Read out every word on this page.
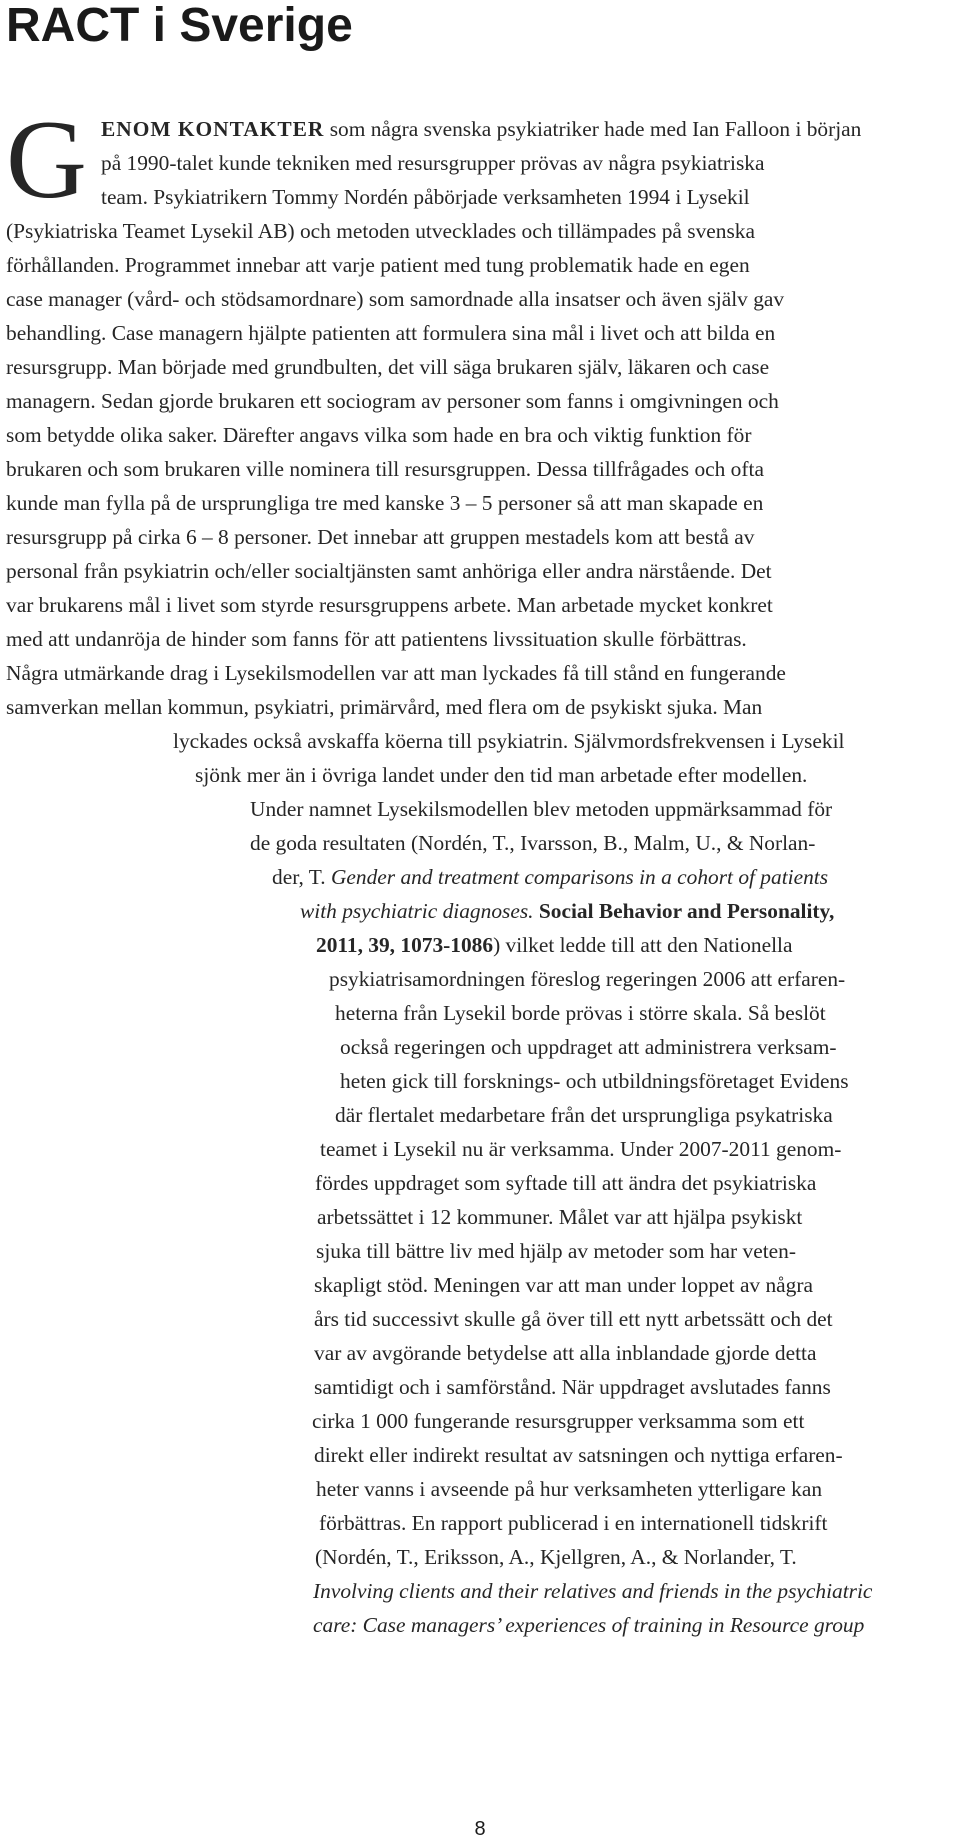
RACT i Sverige
G ENOM KONTAKTER som några svenska psykiatriker hade med Ian Falloon i början
på 1990-talet kunde tekniken med resursgrupper prövas av några psykiatriska
team. Psykiatrikern Tommy Nordén påbörjade verksamheten 1994 i Lysekil
(Psykiatriska Teamet Lysekil AB) och metoden utvecklades och tillämpades på svenska
förhållanden. Programmet innebar att varje patient med tung problematik hade en egen
case manager (vård- och stödsamordnare) som samordnade alla insatser och även själv gav
behandling. Case managern hjälpte patienten att formulera sina mål i livet och att bilda en
resursgrupp. Man började med grundbulten, det vill säga brukaren själv, läkaren och case
managern. Sedan gjorde brukaren ett sociogram av personer som fanns i omgivningen och
som betydde olika saker. Därefter angavs vilka som hade en bra och viktig funktion för
brukaren och som brukaren ville nominera till resursgruppen. Dessa tillfrågades och ofta
kunde man fylla på de ursprungliga tre med kanske 3 – 5 personer så att man skapade en
resursgrupp på cirka 6 – 8 personer. Det innebar att gruppen mestadels kom att bestå av
personal från psykiatrin och/eller socialtjänsten samt anhöriga eller andra närstående. Det
var brukarens mål i livet som styrde resursgruppens arbete. Man arbetade mycket konkret
med att undanröja de hinder som fanns för att patientens livssituation skulle förbättras.
Några utmärkande drag i Lysekilsmodellen var att man lyckades få till stånd en fungerande
samverkan mellan kommun, psykiatri, primärvård, med flera om de psykiskt sjuka. Man
lyckades också avskaffa köerna till psykiatrin. Självmordsfrekvensen i Lysekil
sjönk mer än i övriga landet under den tid man arbetade efter modellen.
Under namnet Lysekilsmodellen blev metoden uppmärksammad för
de goda resultaten (Nordén, T., Ivarsson, B., Malm, U., & Norlan-
der, T. Gender and treatment comparisons in a cohort of patients
with psychiatric diagnoses. Social Behavior and Personality,
2011, 39, 1073-1086) vilket ledde till att den Nationella
psykiatrisamordningen föreslog regeringen 2006 att erfaren-
heterna från Lysekil borde prövas i större skala. Så beslöt
också regeringen och uppdraget att administrera verksam-
heten gick till forsknings- och utbildningsföretaget Evidens
där flertalet medarbetare från det ursprungliga psykatriska
teamet i Lysekil nu är verksamma. Under 2007-2011 genom-
fördes uppdraget som syftade till att ändra det psykiatriska
arbetssättet i 12 kommuner. Målet var att hjälpa psykiskt
sjuka till bättre liv med hjälp av metoder som har veten-
skapligt stöd. Meningen var att man under loppet av några
års tid successivt skulle gå över till ett nytt arbetssätt och det
var av avgörande betydelse att alla inblandade gjorde detta
samtidigt och i samförstånd. När uppdraget avslutades fanns
cirka 1 000 fungerande resursgrupper verksamma som ett
direkt eller indirekt resultat av satsningen och nyttiga erfaren-
heter vanns i avseende på hur verksamheten ytterligare kan
förbättras. En rapport publicerad i en internationell tidskrift
(Nordén, T., Eriksson, A., Kjellgren, A., & Norlander, T.
Involving clients and their relatives and friends in the psychiatric
care: Case managers’ experiences of training in Resource group
8
